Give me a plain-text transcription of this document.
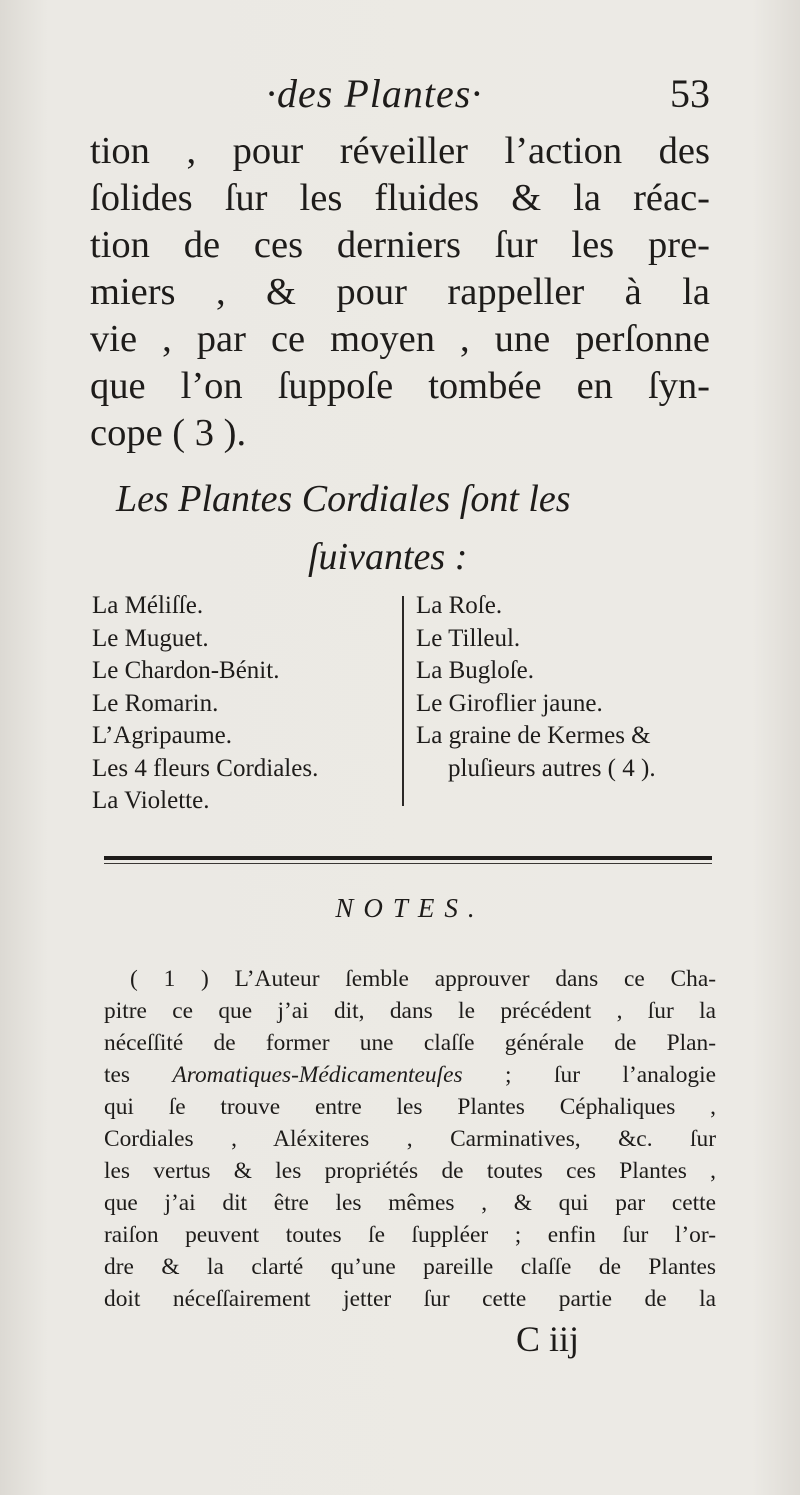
·des Plantes·	53
tion , pour réveiller l’action des
ſolides ſur les fluides & la réac-
tion de ces derniers ſur les pre-
miers , & pour rappeller à la
vie , par ce moyen , une perſonne
que l’on ſuppoſe tombée en ſyn-
cope ( 3 ).
Les Plantes Cordiales ſont les
ſuivantes :
La Méliſſe.
Le Muguet.
Le Chardon-Bénit.
Le Romarin.
L’Agripaume.
Les 4 fleurs Cordiales.
La Violette.
La Roſe.
Le Tilleul.
La Bugloſe.
Le Giroflier jaune.
La graine de Kermes &
pluſieurs autres ( 4 ).
NOTES.
( 1 ) L’Auteur ſemble approuver dans ce Cha-
pitre ce que j’ai dit, dans le précédent , ſur la
néceſſité de former une claſſe générale de Plan-
tes Aromatiques-Médicamenteuſes ; ſur l’analogie
qui ſe trouve entre les Plantes Céphaliques ,
Cordiales , Aléxiteres , Carminatives, &c. ſur
les vertus & les propriétés de toutes ces Plantes ,
que j’ai dit être les mêmes , & qui par cette
raiſon peuvent toutes ſe ſuppléer ; enfin ſur l’or-
dre & la clarté qu’une pareille claſſe de Plantes
doit néceſſairement jetter ſur cette partie de la
C iij
